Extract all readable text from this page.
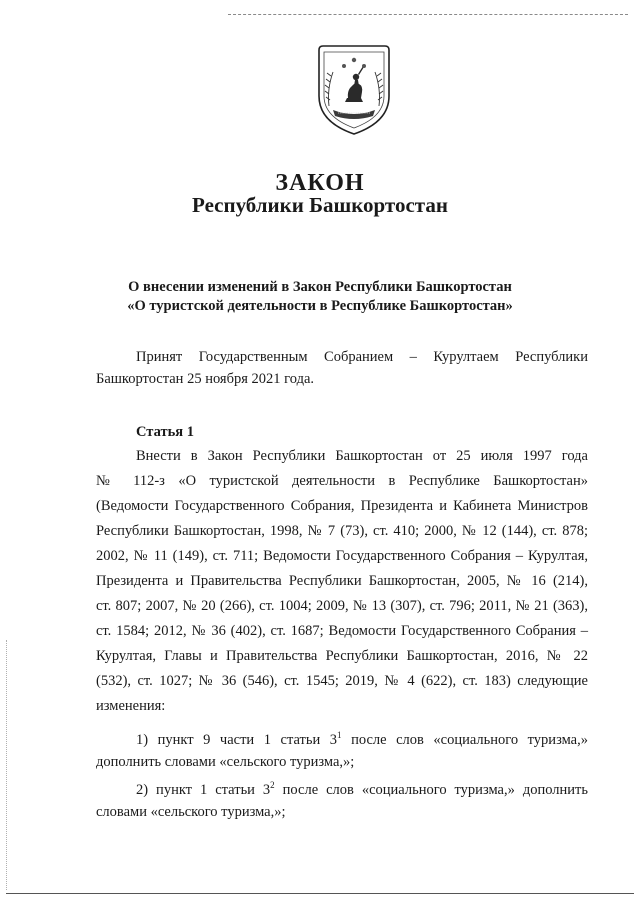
ЗАКОН
Республики Башкортостан

О внесении изменений в Закон Республики Башкортостан

«О туристской деятельности в Республике Башкортостан»

Принят Государственным Собранием – Курултаем Республики

Башкортостан 25 ноября 2021 года.

Статья 1

Внести в Закон Республики Башкортостан от 25 июля 1997 года

№ 112-з «О туристской деятельности в Республике Башкортостан»

(Ведомости Государственного Собрания, Президента и Кабинета Министров

Республики Башкортостан, 1998, № 7 (73), ст. 410; 2000, № 12 (144), ст. 878;

2002, № 11 (149), ст. 711; Ведомости Государственного Собрания – Курултая,

Президента и Правительства Республики Башкортостан, 2005, № 16 (214),

ст. 807; 2007, № 20 (266), ст. 1004; 2009, № 13 (307), ст. 796; 2011, № 21 (363),

ст. 1584; 2012, № 36 (402), ст. 1687; Ведомости Государственного Собрания –

Курултая, Главы и Правительства Республики Башкортостан, 2016, № 22

(532), ст. 1027; № 36 (546), ст. 1545; 2019, № 4 (622), ст. 183) следующие

изменения:

1) пункт 9 части 1 статьи $3^1$ после слов «социального туризма,»

дополнить словами «сельского туризма,»;

2) пункт 1 статьи $3^2$ после слов «социального туризма,» дополнить

словами «сельского туризма,»;
